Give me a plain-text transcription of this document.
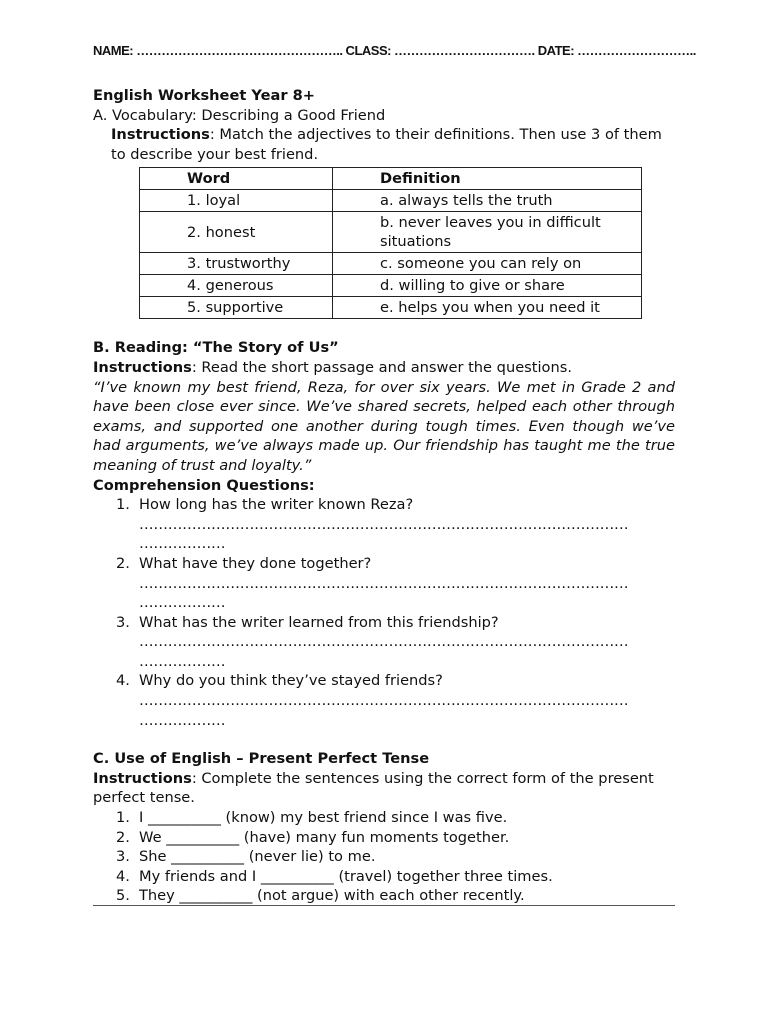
NAME: ………………………………………….. CLASS: ……………………………. DATE: ………………………..

English Worksheet Year 8+

A. Vocabulary: Describing a Good Friend

Instructions: Match the adjectives to their definitions. Then use 3 of them to describe your best friend.

Word	Definition
1. loyal	a. always tells the truth
2. honest	b. never leaves you in difficult situations
3. trustworthy	c. someone you can rely on
4. generous	d. willing to give or share
5. supportive	e. helps you when you need it

B. Reading: “The Story of Us”

Instructions: Read the short passage and answer the questions.

“I’ve known my best friend, Reza, for over six years. We met in Grade 2 and have been close ever since. We’ve shared secrets, helped each other through exams, and supported one another during tough times. Even though we’ve had arguments, we’ve always made up. Our friendship has taught me the true meaning of trust and loyalty.”

Comprehension Questions:

1. How long has the writer known Reza?
…………………………………………………………………………………………
………………
2. What have they done together?
…………………………………………………………………………………………
………………
3. What has the writer learned from this friendship?
…………………………………………………………………………………………
………………
4. Why do you think they’ve stayed friends?
…………………………………………………………………………………………
………………

C. Use of English – Present Perfect Tense

Instructions: Complete the sentences using the correct form of the present perfect tense.

1. I __________ (know) my best friend since I was five.
2. We __________ (have) many fun moments together.
3. She __________ (never lie) to me.
4. My friends and I __________ (travel) together three times.
5. They __________ (not argue) with each other recently.
